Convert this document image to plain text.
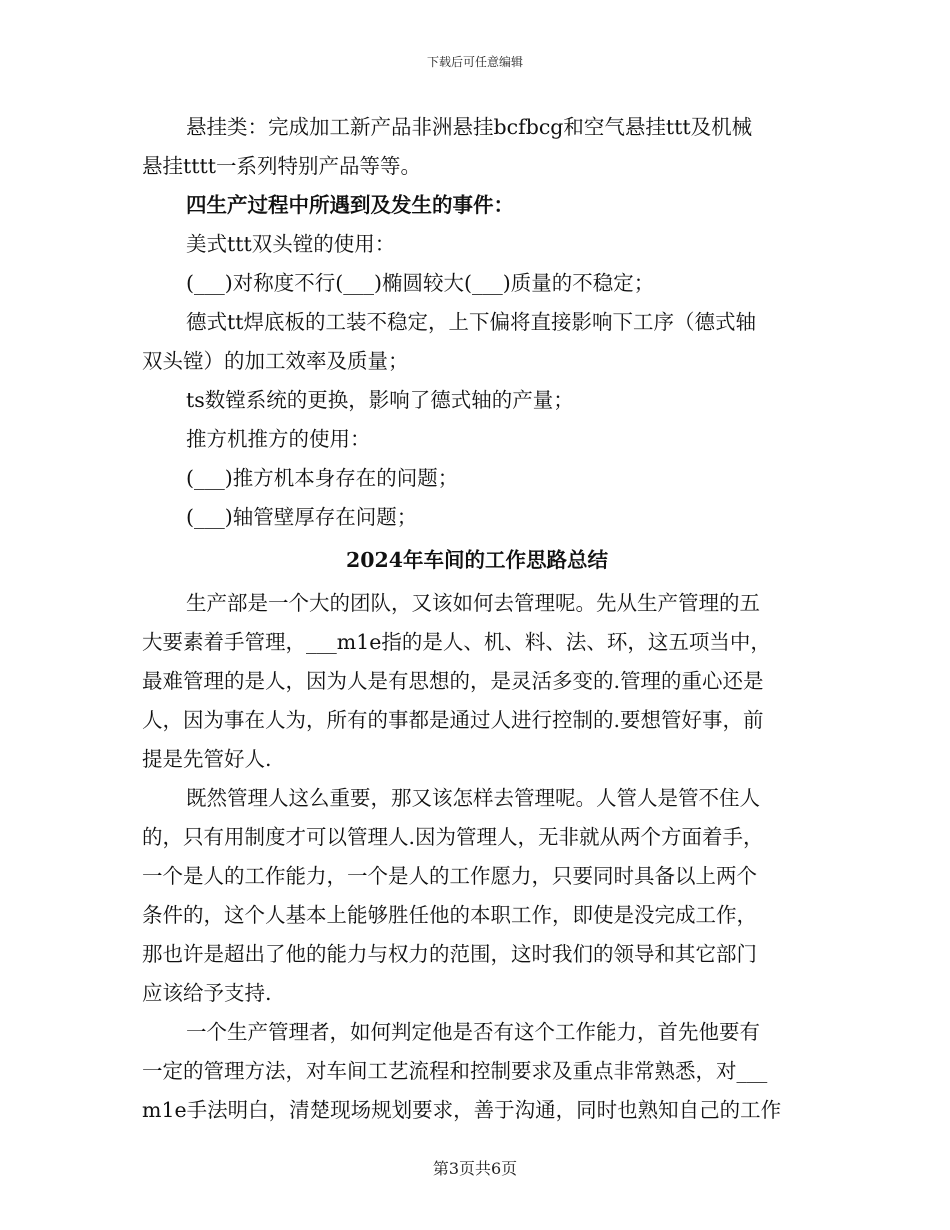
下载后可任意编辑
悬挂类：完成加工新产品非洲悬挂bcfbcg和空气悬挂ttt及机械
悬挂tttt一系列特别产品等等。
四生产过程中所遇到及发生的事件：
美式ttt双头镗的使用：
(___)对称度不行(___)椭圆较大(___)质量的不稳定；
德式tt焊底板的工装不稳定，上下偏将直接影响下工序（德式轴
双头镗）的加工效率及质量；
ts数镗系统的更换，影响了德式轴的产量；
推方机推方的使用：
(___)推方机本身存在的问题；
(___)轴管壁厚存在问题；
2024年车间的工作思路总结
生产部是一个大的团队，又该如何去管理呢。先从生产管理的五
大要素着手管理，___m1e指的是人、机、料、法、环，这五项当中，
最难管理的是人，因为人是有思想的，是灵活多变的.管理的重心还是
人，因为事在人为，所有的事都是通过人进行控制的.要想管好事，前
提是先管好人.
既然管理人这么重要，那又该怎样去管理呢。人管人是管不住人
的，只有用制度才可以管理人.因为管理人，无非就从两个方面着手，
一个是人的工作能力，一个是人的工作愿力，只要同时具备以上两个
条件的，这个人基本上能够胜任他的本职工作，即使是没完成工作，
那也许是超出了他的能力与权力的范围，这时我们的领导和其它部门
应该给予支持.
一个生产管理者，如何判定他是否有这个工作能力，首先他要有
一定的管理方法，对车间工艺流程和控制要求及重点非常熟悉，对___
m1e手法明白，清楚现场规划要求，善于沟通，同时也熟知自己的工作
第3页共6页
